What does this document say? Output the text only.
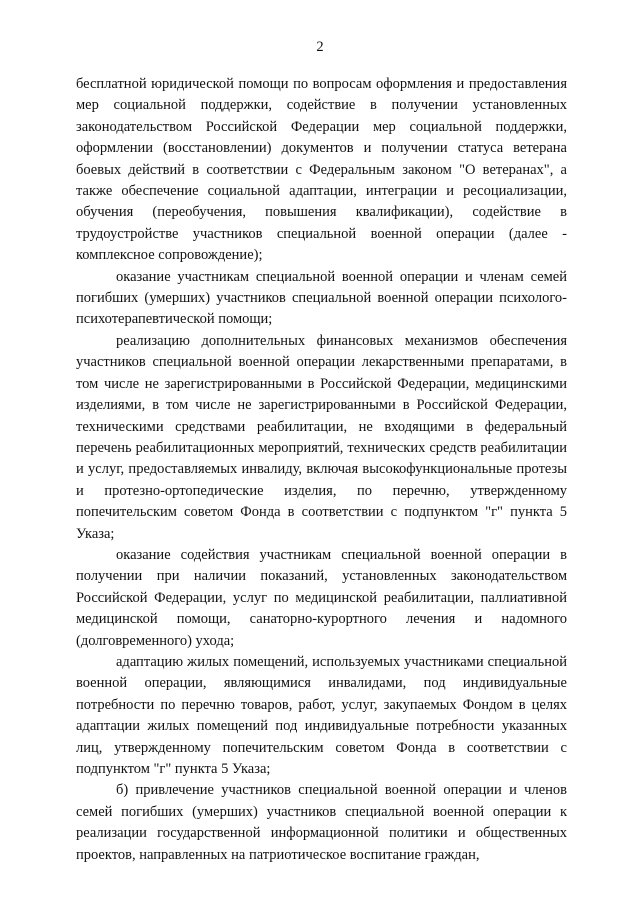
2

бесплатной юридической помощи по вопросам оформления и предоставления мер социальной поддержки, содействие в получении установленных законодательством Российской Федерации мер социальной поддержки, оформлении (восстановлении) документов и получении статуса ветерана боевых действий в соответствии с Федеральным законом "О ветеранах", а также обеспечение социальной адаптации, интеграции и ресоциализации, обучения (переобучения, повышения квалификации), содействие в трудоустройстве участников специальной военной операции (далее - комплексное сопровождение);

оказание участникам специальной военной операции и членам семей погибших (умерших) участников специальной военной операции психолого-психотерапевтической помощи;

реализацию дополнительных финансовых механизмов обеспечения участников специальной военной операции лекарственными препаратами, в том числе не зарегистрированными в Российской Федерации, медицинскими изделиями, в том числе не зарегистрированными в Российской Федерации, техническими средствами реабилитации, не входящими в федеральный перечень реабилитационных мероприятий, технических средств реабилитации и услуг, предоставляемых инвалиду, включая высокофункциональные протезы и протезно-ортопедические изделия, по перечню, утвержденному попечительским советом Фонда в соответствии с подпунктом "г" пункта 5 Указа;

оказание содействия участникам специальной военной операции в получении при наличии показаний, установленных законодательством Российской Федерации, услуг по медицинской реабилитации, паллиативной медицинской помощи, санаторно-курортного лечения и надомного (долговременного) ухода;

адаптацию жилых помещений, используемых участниками специальной военной операции, являющимися инвалидами, под индивидуальные потребности по перечню товаров, работ, услуг, закупаемых Фондом в целях адаптации жилых помещений под индивидуальные потребности указанных лиц, утвержденному попечительским советом Фонда в соответствии с подпунктом "г" пункта 5 Указа;

б) привлечение участников специальной военной операции и членов семей погибших (умерших) участников специальной военной операции к реализации государственной информационной политики и общественных проектов, направленных на патриотическое воспитание граждан,
